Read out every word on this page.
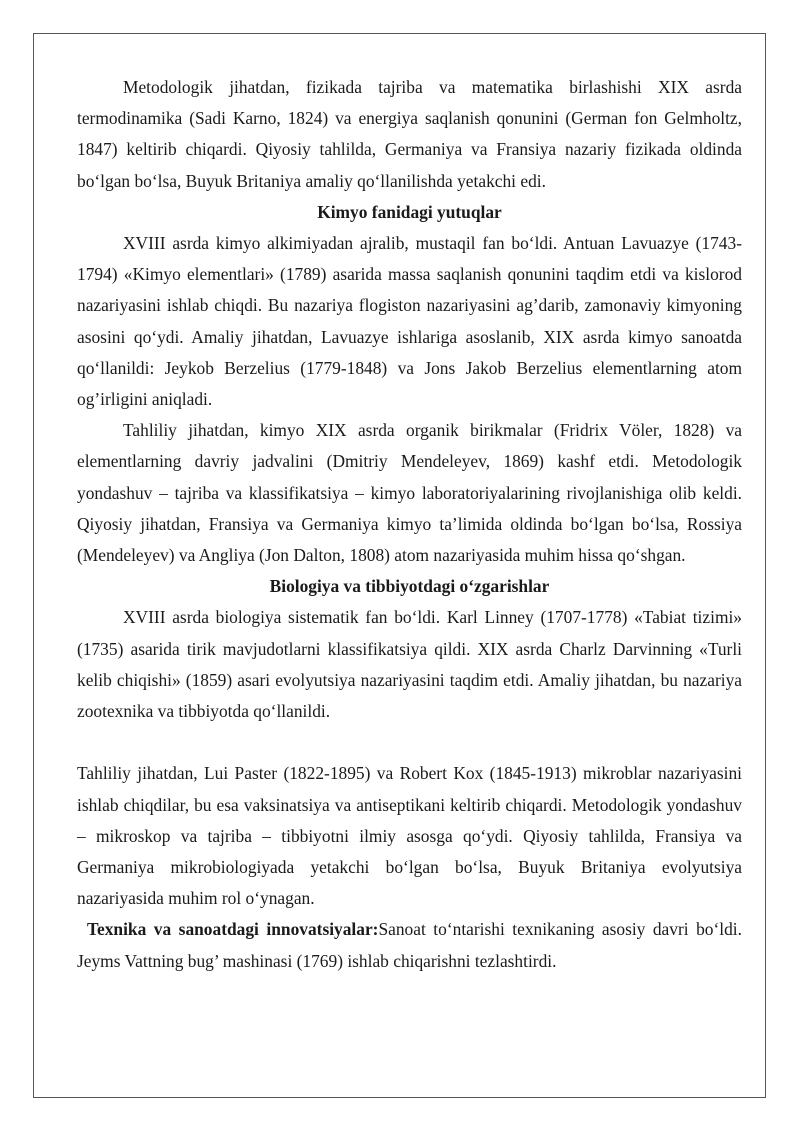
Metodologik jihatdan, fizikada tajriba va matematika birlashishi XIX asrda termodinamika (Sadi Karno, 1824) va energiya saqlanish qonunini (German fon Gelmholtz, 1847) keltirib chiqardi. Qiyosiy tahlilda, Germaniya va Fransiya nazariy fizikada oldinda bo‘lgan bo‘lsa, Buyuk Britaniya amaliy qo‘llanilishda yetakchi edi.

Kimyo fanidagi yutuqlar

XVIII asrda kimyo alkimiyadan ajralib, mustaqil fan bo‘ldi. Antuan Lavuazye (1743-1794) «Kimyo elementlari» (1789) asarida massa saqlanish qonunini taqdim etdi va kislorod nazariyasini ishlab chiqdi. Bu nazariya flogiston nazariyasini ag’darib, zamonaviy kimyoning asosini qo‘ydi. Amaliy jihatdan, Lavuazye ishlariga asoslanib, XIX asrda kimyo sanoatda qo‘llanildi: Jeykob Berzelius (1779-1848) va Jons Jakob Berzelius elementlarning atom og’irligini aniqladi.

Tahliliy jihatdan, kimyo XIX asrda organik birikmalar (Fridrix Völer, 1828) va elementlarning davriy jadvalini (Dmitriy Mendeleyev, 1869) kashf etdi. Metodologik yondashuv – tajriba va klassifikatsiya – kimyo laboratoriyalarining rivojlanishiga olib keldi. Qiyosiy jihatdan, Fransiya va Germaniya kimyo ta’limida oldinda bo‘lgan bo‘lsa, Rossiya (Mendeleyev) va Angliya (Jon Dalton, 1808) atom nazariyasida muhim hissa qo‘shgan.

Biologiya va tibbiyotdagi o‘zgarishlar

XVIII asrda biologiya sistematik fan bo‘ldi. Karl Linney (1707-1778) «Tabiat tizimi» (1735) asarida tirik mavjudotlarni klassifikatsiya qildi. XIX asrda Charlz Darvinning «Turli kelib chiqishi» (1859) asari evolyutsiya nazariyasini taqdim etdi. Amaliy jihatdan, bu nazariya zootexnika va tibbiyotda qo‘llanildi.

Tahliliy jihatdan, Lui Paster (1822-1895) va Robert Kox (1845-1913) mikroblar nazariyasini ishlab chiqdilar, bu esa vaksinatsiya va antiseptikani keltirib chiqardi. Metodologik yondashuv – mikroskop va tajriba – tibbiyotni ilmiy asosga qo‘ydi. Qiyosiy tahlilda, Fransiya va Germaniya mikrobiologiyada yetakchi bo‘lgan bo‘lsa, Buyuk Britaniya evolyutsiya nazariyasida muhim rol o‘ynagan.

Texnika va sanoatdagi innovatsiyalar:Sanoat to‘ntarishi texnikaning asosiy davri bo‘ldi. Jeyms Vattning bug’ mashinasi (1769) ishlab chiqarishni tezlashtirdi.
